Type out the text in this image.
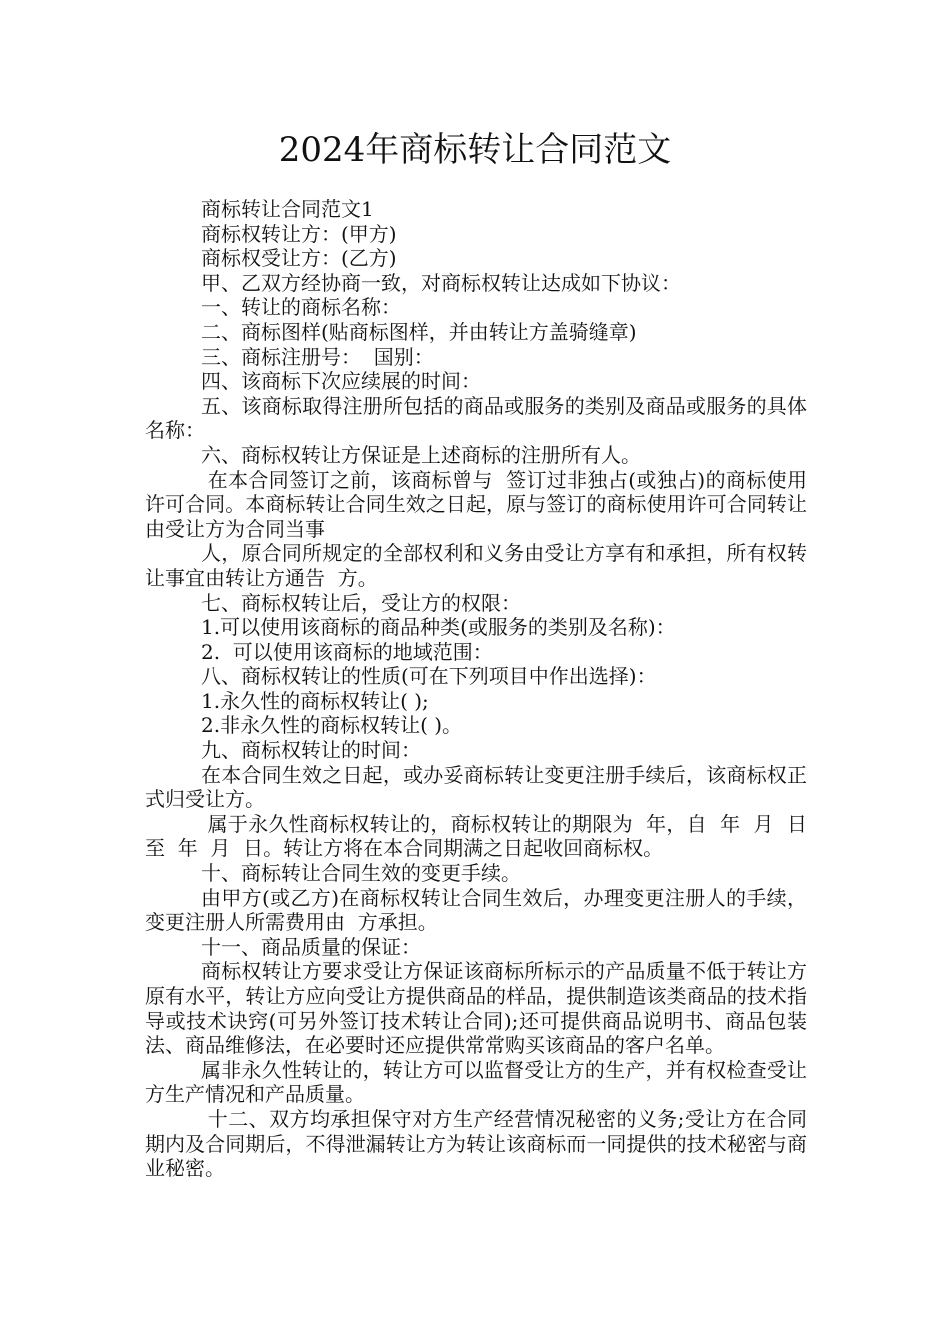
2024年商标转让合同范文

商标转让合同范文1

商标权转让方：(甲方)

商标权受让方：(乙方)

甲、乙双方经协商一致，对商标权转让达成如下协议：

一、转让的商标名称：

二、商标图样(贴商标图样，并由转让方盖骑缝章)

三、商标注册号：  国别：

四、该商标下次应续展的时间：

五、该商标取得注册所包括的商品或服务的类别及商品或服务的具体名称：

六、商标权转让方保证是上述商标的注册所有人。

在本合同签订之前，该商标曾与  签订过非独占(或独占)的商标使用许可合同。本商标转让合同生效之日起，原与签订的商标使用许可合同转让由受让方为合同当事

人，原合同所规定的全部权利和义务由受让方享有和承担，所有权转让事宜由转让方通告  方。

七、商标权转让后，受让方的权限：

1.可以使用该商标的商品种类(或服务的类别及名称)：

2.  可以使用该商标的地域范围：

八、商标权转让的性质(可在下列项目中作出选择)：

1.永久性的商标权转让( );

2.非永久性的商标权转让( )。

九、商标权转让的时间：

在本合同生效之日起，或办妥商标转让变更注册手续后，该商标权正式归受让方。

属于永久性商标权转让的，商标权转让的期限为  年，自  年  月  日至  年  月  日。转让方将在本合同期满之日起收回商标权。

十、商标转让合同生效的变更手续。

由甲方(或乙方)在商标权转让合同生效后，办理变更注册人的手续，变更注册人所需费用由  方承担。

十一、商品质量的保证：

商标权转让方要求受让方保证该商标所标示的产品质量不低于转让方原有水平，转让方应向受让方提供商品的样品，提供制造该类商品的技术指导或技术诀窍(可另外签订技术转让合同);还可提供商品说明书、商品包装法、商品维修法，在必要时还应提供常常购买该商品的客户名单。

属非永久性转让的，转让方可以监督受让方的生产，并有权检查受让方生产情况和产品质量。

十二、双方均承担保守对方生产经营情况秘密的义务;受让方在合同期内及合同期后，不得泄漏转让方为转让该商标而一同提供的技术秘密与商业秘密。
